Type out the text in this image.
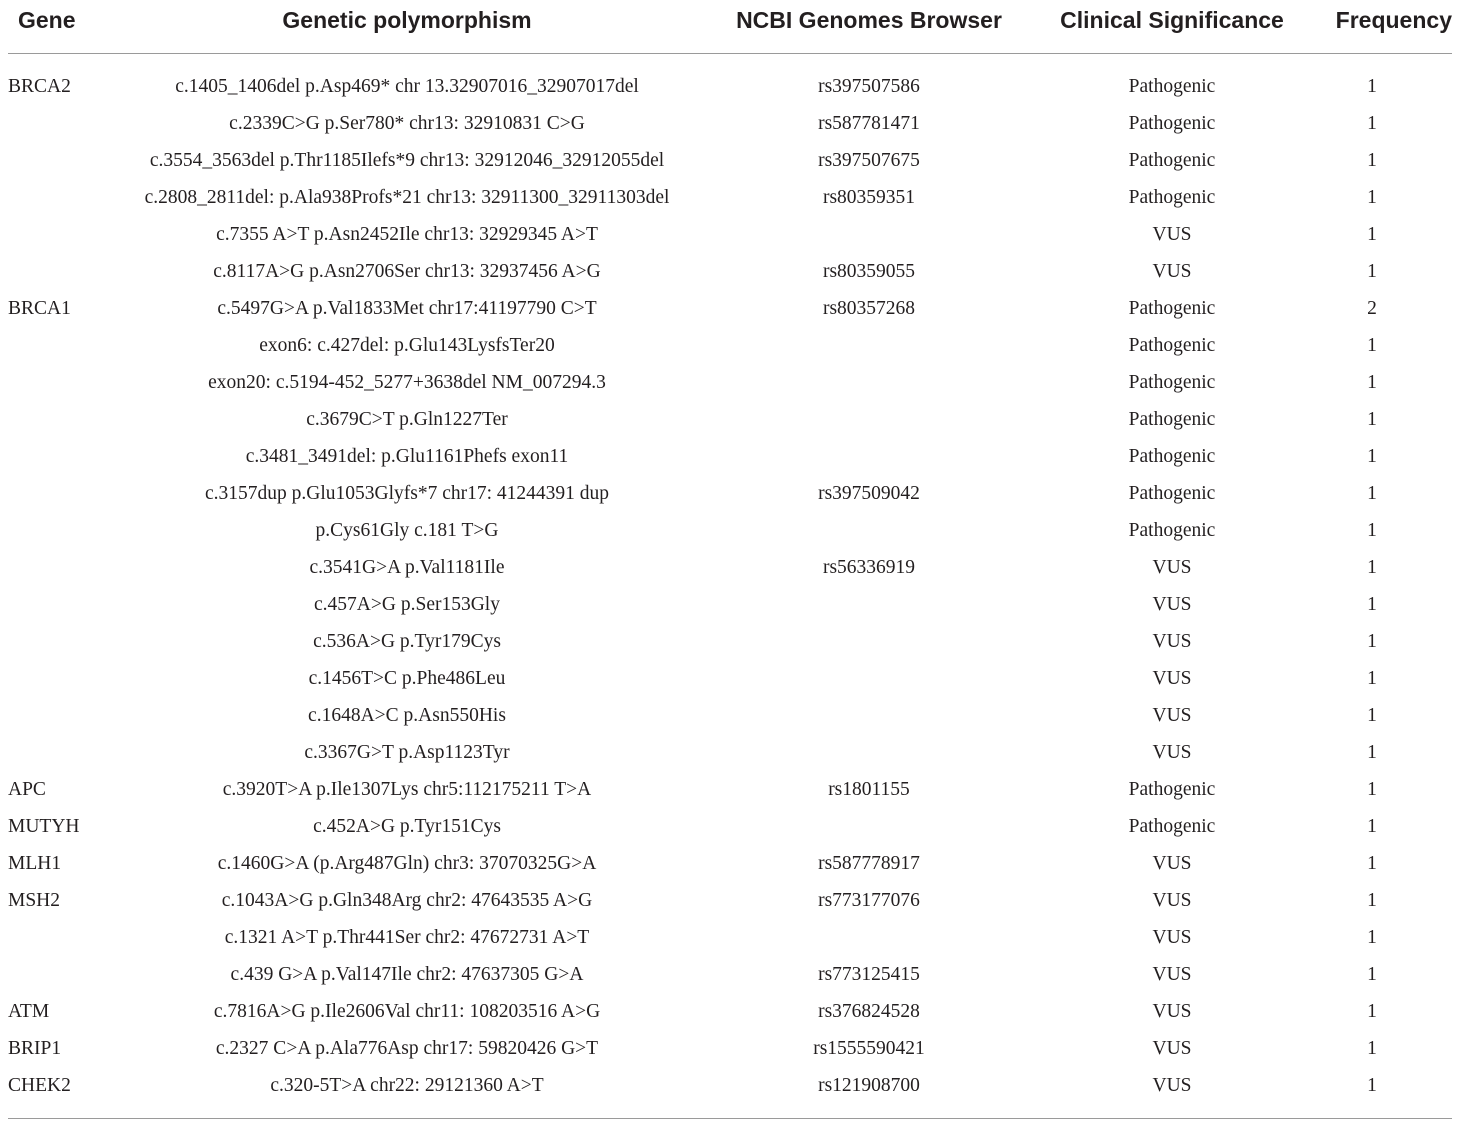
Gene	Genetic polymorphism	NCBI Genomes Browser	Clinical Significance	Frequency
BRCA2	c.1405_1406del p.Asp469* chr 13.32907016_32907017del	rs397507586	Pathogenic	1
	c.2339C>G p.Ser780* chr13: 32910831 C>G	rs587781471	Pathogenic	1
	c.3554_3563del p.Thr1185Ilefs*9 chr13: 32912046_32912055del	rs397507675	Pathogenic	1
	c.2808_2811del: p.Ala938Profs*21 chr13: 32911300_32911303del	rs80359351	Pathogenic	1
	c.7355 A>T p.Asn2452Ile chr13: 32929345 A>T		VUS	1
	c.8117A>G p.Asn2706Ser chr13: 32937456 A>G	rs80359055	VUS	1
BRCA1	c.5497G>A p.Val1833Met chr17:41197790 C>T	rs80357268	Pathogenic	2
	exon6: c.427del: p.Glu143LysfsTer20		Pathogenic	1
	exon20: c.5194-452_5277+3638del NM_007294.3		Pathogenic	1
	c.3679C>T p.Gln1227Ter		Pathogenic	1
	c.3481_3491del: p.Glu1161Phefs exon11		Pathogenic	1
	c.3157dup p.Glu1053Glyfs*7 chr17: 41244391 dup	rs397509042	Pathogenic	1
	p.Cys61Gly c.181 T>G		Pathogenic	1
	c.3541G>A p.Val1181Ile	rs56336919	VUS	1
	c.457A>G p.Ser153Gly		VUS	1
	c.536A>G p.Tyr179Cys		VUS	1
	c.1456T>C p.Phe486Leu		VUS	1
	c.1648A>C p.Asn550His		VUS	1
	c.3367G>T p.Asp1123Tyr		VUS	1
APC	c.3920T>A p.Ile1307Lys chr5:112175211 T>A	rs1801155	Pathogenic	1
MUTYH	c.452A>G p.Tyr151Cys		Pathogenic	1
MLH1	c.1460G>A (p.Arg487Gln) chr3: 37070325G>A	rs587778917	VUS	1
MSH2	c.1043A>G p.Gln348Arg chr2: 47643535 A>G	rs773177076	VUS	1
	c.1321 A>T p.Thr441Ser chr2: 47672731 A>T		VUS	1
	c.439 G>A p.Val147Ile chr2: 47637305 G>A	rs773125415	VUS	1
ATM	c.7816A>G p.Ile2606Val chr11: 108203516 A>G	rs376824528	VUS	1
BRIP1	c.2327 C>A p.Ala776Asp chr17: 59820426 G>T	rs1555590421	VUS	1
CHEK2	c.320-5T>A chr22: 29121360 A>T	rs121908700	VUS	1
